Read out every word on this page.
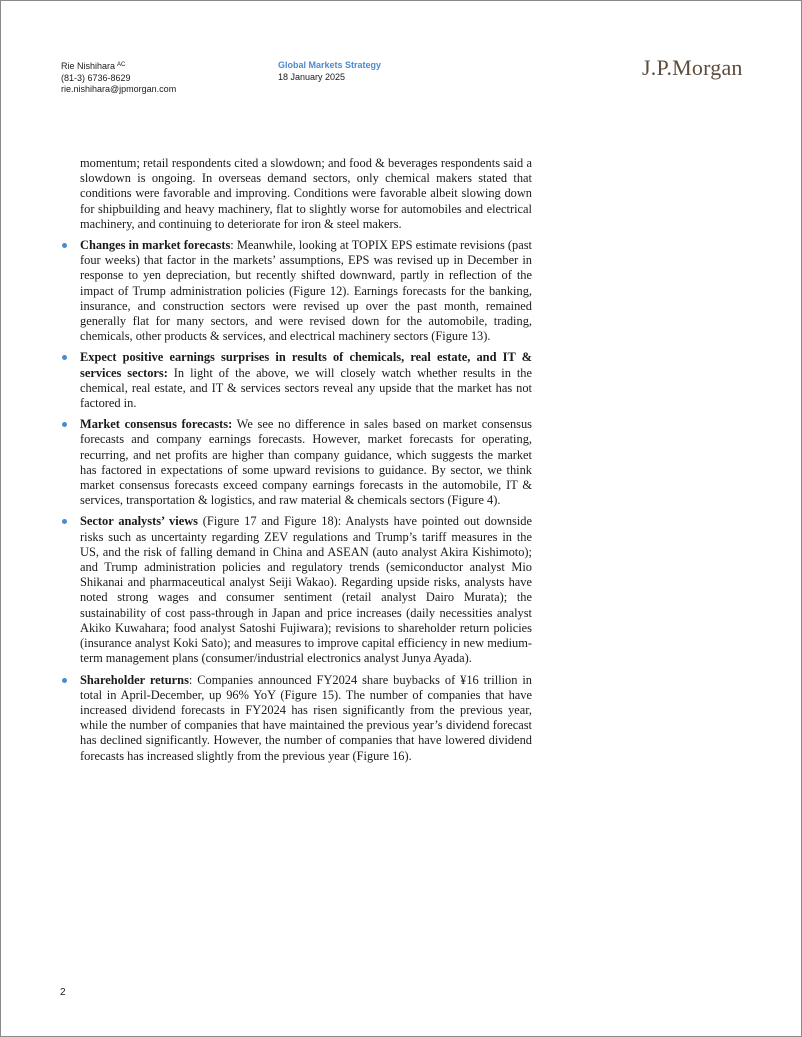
Rie Nishihara $^{AC}$
(81-3) 6736-8629
rie.nishihara@jpmorgan.com
Global Markets Strategy
18 January 2025	J.P.Morgan

momentum; retail respondents cited a slowdown; and food & beverages respondents said a slowdown is ongoing. In overseas demand sectors, only chemical makers stated that conditions were favorable and improving. Conditions were favorable albeit slowing down for shipbuilding and heavy machinery, flat to slightly worse for automobiles and electrical machinery, and continuing to deteriorate for iron & steel makers.

Changes in market forecasts: Meanwhile, looking at TOPIX EPS estimate revisions (past four weeks) that factor in the markets’ assumptions, EPS was revised up in December in response to yen depreciation, but recently shifted downward, partly in reflection of the impact of Trump administration policies (Figure 12). Earnings forecasts for the banking, insurance, and construction sectors were revised up over the past month, remained generally flat for many sectors, and were revised down for the automobile, trading, chemicals, other products & services, and electrical machinery sectors (Figure 13).
Expect positive earnings surprises in results of chemicals, real estate, and IT & services sectors: In light of the above, we will closely watch whether results in the chemical, real estate, and IT & services sectors reveal any upside that the market has not factored in.
Market consensus forecasts: We see no difference in sales based on market consensus forecasts and company earnings forecasts. However, market forecasts for operating, recurring, and net profits are higher than company guidance, which suggests the market has factored in expectations of some upward revisions to guidance. By sector, we think market consensus forecasts exceed company earnings forecasts in the automobile, IT & services, transportation & logistics, and raw material & chemicals sectors (Figure 4).
Sector analysts’ views (Figure 17 and Figure 18): Analysts have pointed out downside risks such as uncertainty regarding ZEV regulations and Trump’s tariff measures in the US, and the risk of falling demand in China and ASEAN (auto analyst Akira Kishimoto); and Trump administration policies and regulatory trends (semiconductor analyst Mio Shikanai and pharmaceutical analyst Seiji Wakao). Regarding upside risks, analysts have noted strong wages and consumer sentiment (retail analyst Dairo Murata); the sustainability of cost pass-through in Japan and price increases (daily necessities analyst Akiko Kuwahara; food analyst Satoshi Fujiwara); revisions to shareholder return policies (insurance analyst Koki Sato); and measures to improve capital efficiency in new medium-term management plans (consumer/industrial electronics analyst Junya Ayada).
Shareholder returns: Companies announced FY2024 share buybacks of ¥16 trillion in total in April-December, up 96% YoY (Figure 15). The number of companies that have increased dividend forecasts in FY2024 has risen significantly from the previous year, while the number of companies that have maintained the previous year’s dividend forecast has declined significantly. However, the number of companies that have lowered dividend forecasts has increased slightly from the previous year (Figure 16).
2
